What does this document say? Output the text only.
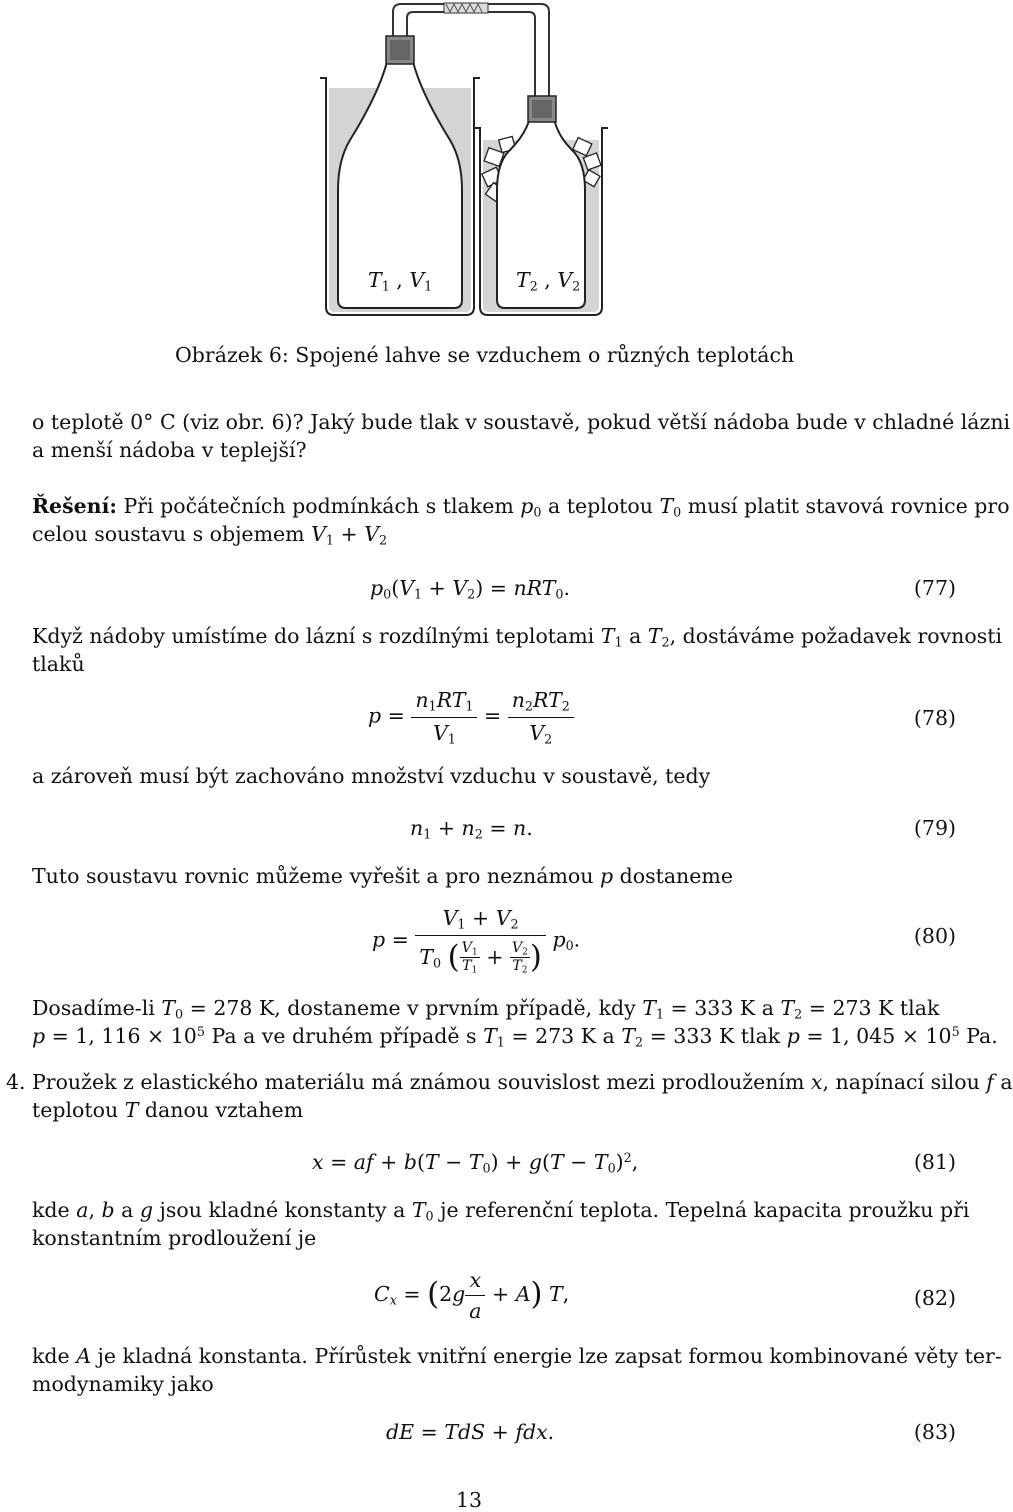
$T_1$ , $V_1$	$T_2$ , $V_2$
Obrázek 6: Spojené lahve se vzduchem o různých teplotách
o teplotě 0° C (viz obr. 6)? Jaký bude tlak v soustavě, pokud větší nádoba bude v chladné lázni
a menší nádoba v teplejší?
Řešení: Při počátečních podmínkách s tlakem $p_0$ a teplotou $T_0$ musí platit stavová rovnice pro
celou soustavu s objemem $V_1 + V_2$
$p_0(V_1 + V_2) = nRT_0$.	(77)
Když nádoby umístíme do lázní s rozdílnými teplotami $T_1$ a $T_2$, dostáváme požadavek rovnosti
tlaků
$p = \frac{n_1RT_1}{V_1} = \frac{n_2RT_2}{V_2}$	(78)
a zároveň musí být zachováno množství vzduchu v soustavě, tedy
$n_1 + n_2 = n$.	(79)
Tuto soustavu rovnic můžeme vyřešit a pro neznámou p dostaneme
$p = \frac{V_1 + V_2}{T_0 ( \frac{V_1}{T_1} + \frac{V_2}{T_2} )} p_0$.	(80)
Dosadíme-li $T_0 = 278$ K, dostaneme v prvním případě, kdy $T_1 = 333$ K a $T_2 = 273$ K tlak
p = 1, $116 \times 10^5$ Pa a ve druhém případě s $T_1 = 273$ K a $T_2 = 333$ K tlak p = 1, $045 \times 10^5$ Pa.
4. Proužek z elastického materiálu má známou souvislost mezi prodloužením x, napínací silou f a
teplotou T danou vztahem
x = af + $b(T - T_0) + g(T - T_0)^2$,	(81)
kde a, b a g jsou kladné konstanty a $T_0$ je referenční teplota. Tepelná kapacita proužku při
konstantním prodloužení je
$C_x = (2g \frac{x}{a} + A)$ T,	(82)
kde A je kladná konstanta. Přírůstek vnitřní energie lze zapsat formou kombinované věty ter-
modynamiky jako
dE = TdS + fdx.	(83)
13
